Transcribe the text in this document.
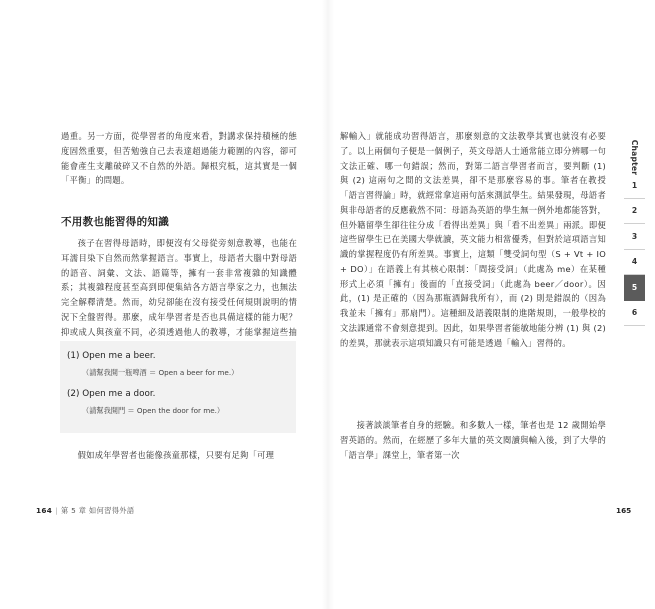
過重。另一方面，從學習者的角度來看，對講求保持積極的態度固然重要，但苦勉強自己去表達超過能力範圍的內容，卻可能會產生支離破碎又不自然的外語。歸根究柢，這其實是一個「平衡」的問題。

不用教也能習得的知識

孩子在習得母語時，即便沒有父母從旁刻意教導，也能在耳濡目染下自然而然掌握語言。事實上，母語者大腦中對母語的語音、詞彙、文法、語篇等，擁有一套非常複雜的知識體系；其複雜程度甚至高到即便集結各方語言學家之力，也無法完全解釋清楚。然而，幼兒卻能在沒有接受任何規則說明的情況下全盤習得。那麼，成年學習者是否也具備這樣的能力呢？抑或成人與孩童不同，必須透過他人的教導，才能掌握這些抽

(1) Open me a beer.
（請幫我開一瓶啤酒 ＝ Open a beer for me.）
(2) Open me a door.
（請幫我開門 ＝ Open the door for me.）

假如成年學習者也能像孩童那樣，只要有足夠「可理

164 | 第 5 章 如何習得外語

解輸入」就能成功習得語言，那麼刻意的文法教學其實也就沒有必要了。以上兩個句子便是一個例子，英文母語人士通常能立即分辨哪一句文法正確、哪一句錯誤；然而，對第二語言學習者而言，要判斷 (1) 與 (2) 這兩句之間的文法差異，卻不是那麼容易的事。筆者在教授「語言習得論」時，就經常拿這兩句話來測試學生。結果發現，母語者與非母語者的反應截然不同：母語為英語的學生無一例外地都能答對，但外籍留學生卻往往分成「看得出差異」與「看不出差異」兩派。即便這些留學生已在美國大學就讀，英文能力相當優秀，但對於這項語言知識的掌握程度仍有所差異。事實上，這類「雙受詞句型（S + Vt + IO + DO）」在語義上有其核心限制：「間接受詞」（此處為 me）在某種形式上必須「擁有」後面的「直接受詞」（此處為 beer／door）。因此，(1) 是正確的（因為那瓶酒歸我所有），而 (2) 則是錯誤的（因為我並未「擁有」那扇門）。這種細及語義限制的進階規則，一般學校的文法課通常不會刻意提到。因此，如果學習者能敏地能分辨 (1) 與 (2) 的差異，那就表示這項知識只有可能是透過「輸入」習得的。

接著談談筆者自身的經驗。和多數人一樣，筆者也是 12 歲開始學習英語的。然而，在經歷了多年大量的英文閱讀與輸入後，到了大學的「語言學」課堂上，筆者第一次

165
Chapter
1
2
3
4
5
6
